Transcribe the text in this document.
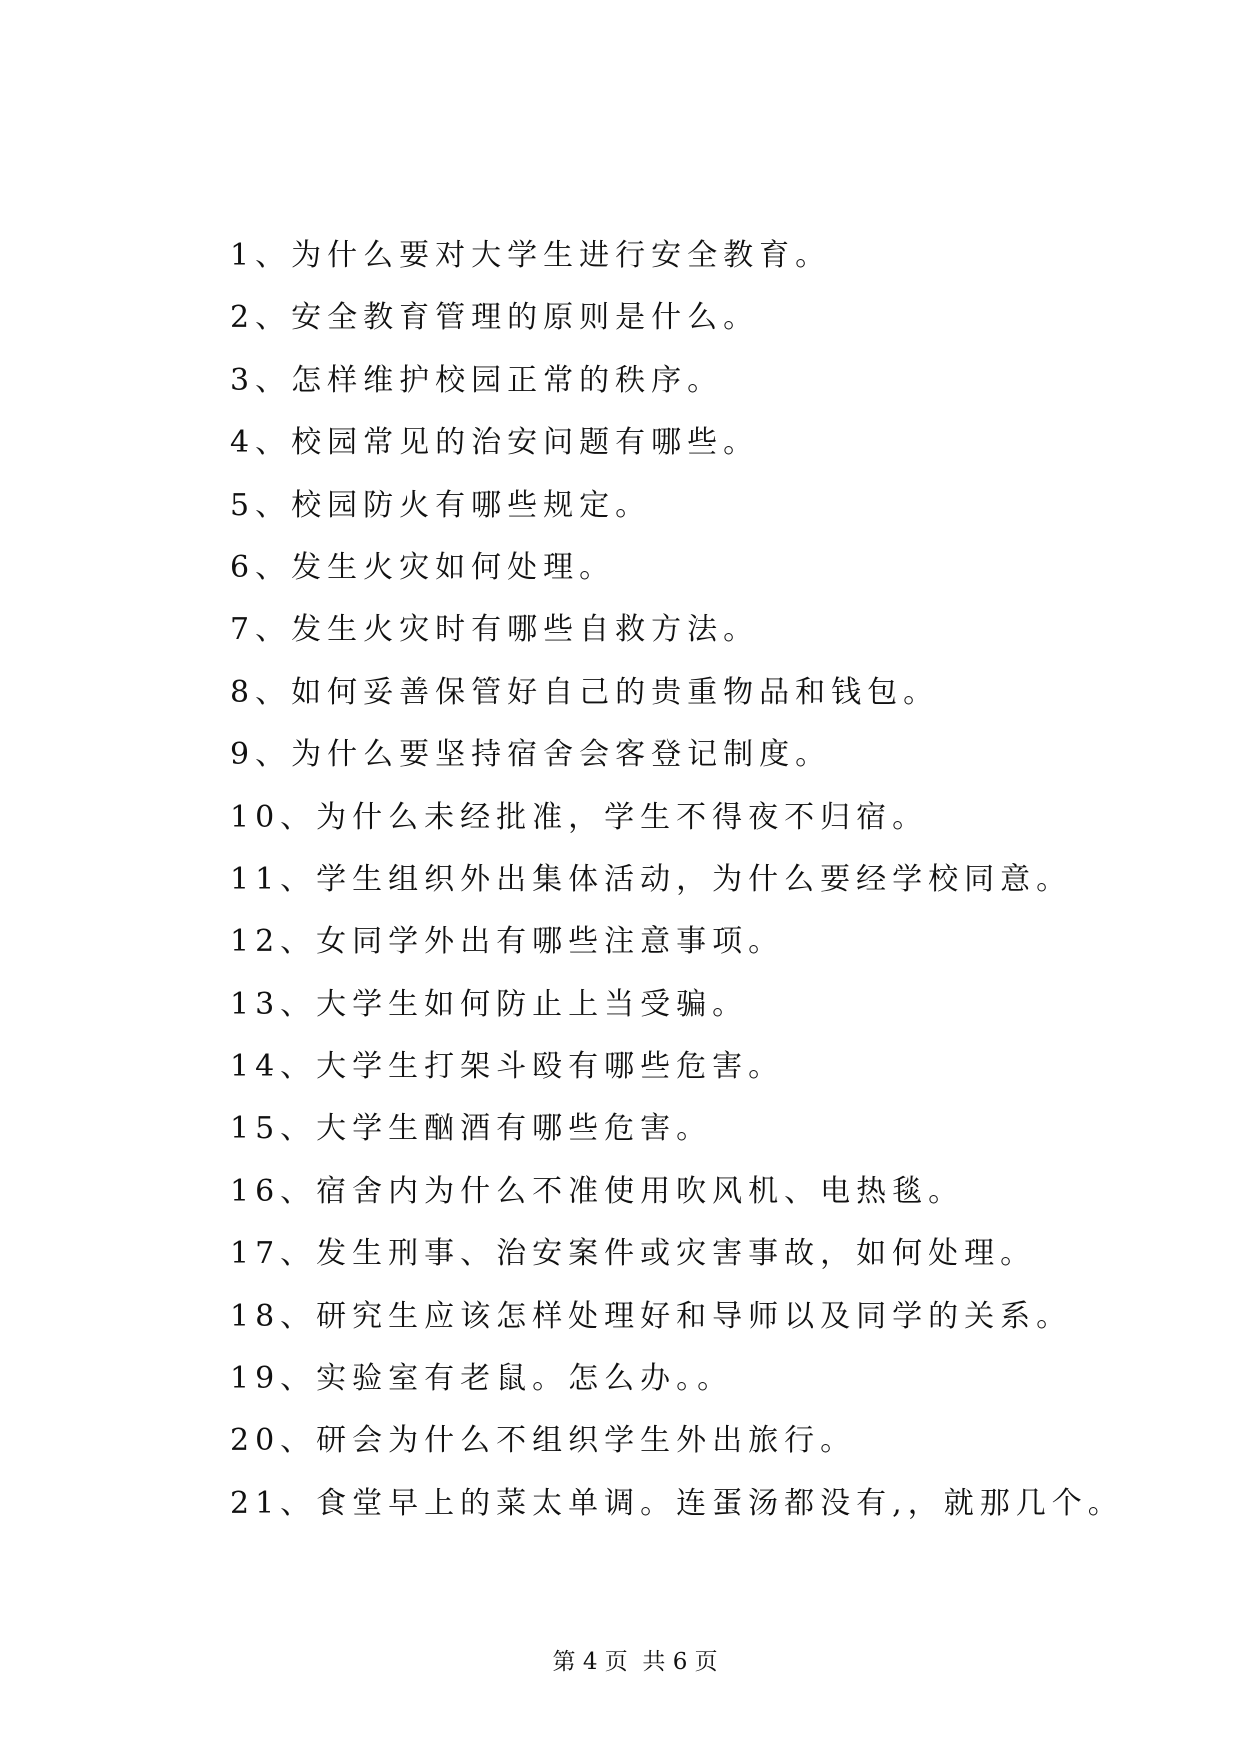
1、为什么要对大学生进行安全教育。
2、安全教育管理的原则是什么。
3、怎样维护校园正常的秩序。
4、校园常见的治安问题有哪些。
5、校园防火有哪些规定。
6、发生火灾如何处理。
7、发生火灾时有哪些自救方法。
8、如何妥善保管好自己的贵重物品和钱包。
9、为什么要坚持宿舍会客登记制度。
10、为什么未经批准，学生不得夜不归宿。
11、学生组织外出集体活动，为什么要经学校同意。
12、女同学外出有哪些注意事项。
13、大学生如何防止上当受骗。
14、大学生打架斗殴有哪些危害。
15、大学生酗酒有哪些危害。
16、宿舍内为什么不准使用吹风机、电热毯。
17、发生刑事、治安案件或灾害事故，如何处理。
18、研究生应该怎样处理好和导师以及同学的关系。
19、实验室有老鼠。怎么办。。
20、研会为什么不组织学生外出旅行。
21、食堂早上的菜太单调。连蛋汤都没有,，就那几个。

第 4 页  共 6 页
